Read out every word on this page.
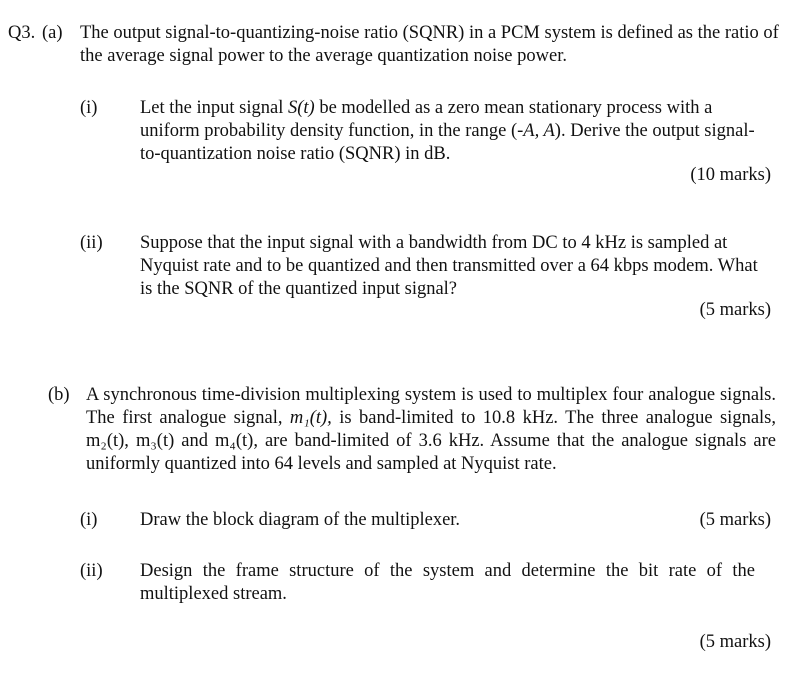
Q3. (a) The output signal-to-quantizing-noise ratio (SQNR) in a PCM system is defined as the ratio of the average signal power to the average quantization noise power.
(i) Let the input signal S(t) be modelled as a zero mean stationary process with a uniform probability density function, in the range (-A, A). Derive the output signal-to-quantization noise ratio (SQNR) in dB.
(10 marks)
(ii) Suppose that the input signal with a bandwidth from DC to 4 kHz is sampled at Nyquist rate and to be quantized and then transmitted over a 64 kbps modem. What is the SQNR of the quantized input signal?
(5 marks)
(b) A synchronous time-division multiplexing system is used to multiplex four analogue signals. The first analogue signal, m₁(t), is band-limited to 10.8 kHz. The three analogue signals, m₂(t), m₃(t) and m₄(t), are band-limited of 3.6 kHz. Assume that the analogue signals are uniformly quantized into 64 levels and sampled at Nyquist rate.
(i) Draw the block diagram of the multiplexer.	(5 marks)
(ii) Design the frame structure of the system and determine the bit rate of the multiplexed stream.
(5 marks)
